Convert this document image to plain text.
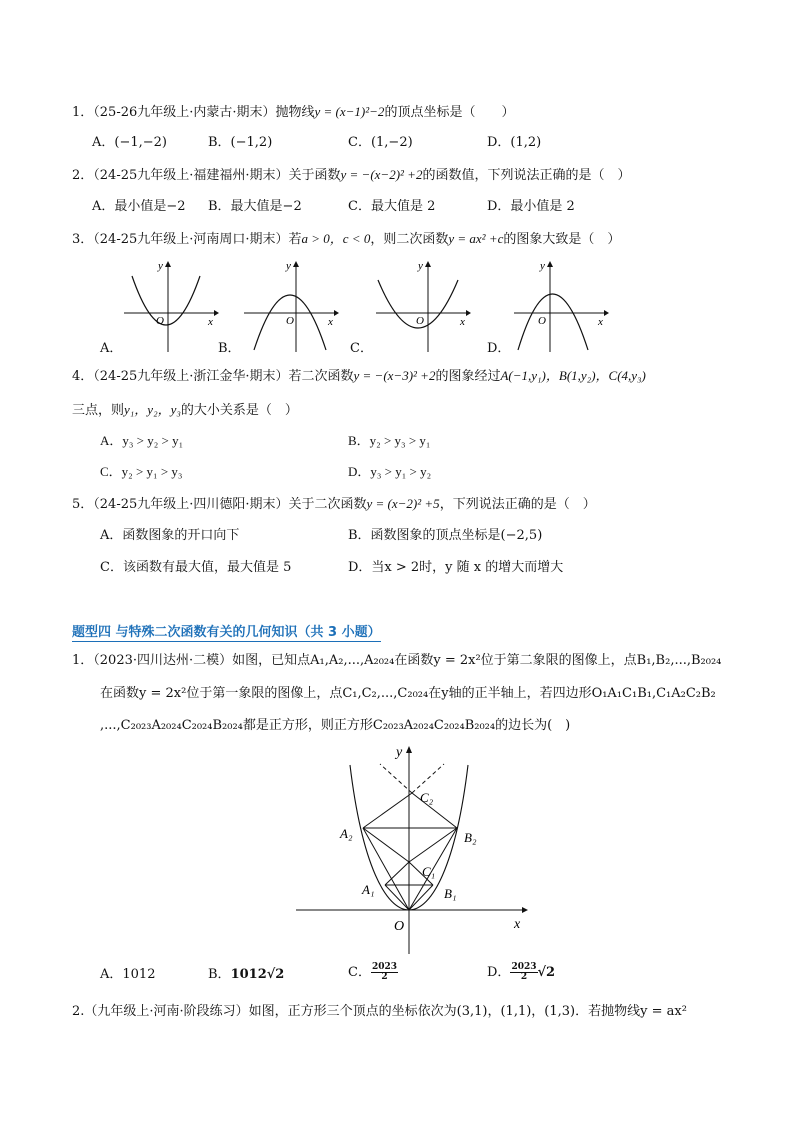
1．（25-26九年级上·内蒙古·期末）抛物线y = (x−1)²−2的顶点坐标是（　　）
A．(−1,−2)	B．(−1,2)	C．(1,−2)	D．(1,2)
2．（24-25九年级上·福建福州·期末）关于函数y = −(x−2)² +2的函数值，下列说法正确的是（　）
A．最小值是−2 B．最大值是−2	C．最大值是 2	D．最小值是 2
3．（24-25九年级上·河南周口·期末）若a > 0，c < 0，则二次函数y = ax² +c的图象大致是（　）
y
x
O
y
x
O
y
x
O
y
x
O
A．	B．	C．	D．
4．（24-25九年级上·浙江金华·期末）若二次函数y = −(x−3)² +2的图象经过A(−1,y₁)，B(1,y₂)，C(4,y₃)
三点，则y₁，y₂，y₃的大小关系是（　）
A．y₃ > y₂ > y₁	B．y₂ > y₃ > y₁
C．y₂ > y₁ > y₃	D．y₃ > y₁ > y₂
5．（24-25九年级上·四川德阳·期末）关于二次函数y = (x−2)² +5，下列说法正确的是（　）
A．函数图象的开口向下	B．函数图象的顶点坐标是(−2,5)
C．该函数有最大值，最大值是 5	D．当x > 2时，y 随 x 的增大而增大
题型四 与特殊二次函数有关的几何知识（共 3 小题）
1．（2023·四川达州·二模）如图，已知点A₁,A₂,...,A₂₀₂₄在函数y = 2x²位于第二象限的图像上，点B₁,B₂,...,B₂₀₂₄
在函数y = 2x²位于第一象限的图像上，点C₁,C₂,...,C₂₀₂₄在y轴的正半轴上，若四边形O₁A₁C₁B₁,C₁A₂C₂B₂
,...,C₂₀₂₃A₂₀₂₄C₂₀₂₄B₂₀₂₄都是正方形，则正方形C₂₀₂₃A₂₀₂₄C₂₀₂₄B₂₀₂₄的边长为(　)
y
x
O
C₂
A₂	B₂
C₁
A₁	B₁
A．1012	B．1012√2	C． $\frac{2023}{2}$	D． $\frac{2023}{2} √2$
2.（九年级上·河南·阶段练习）如图，正方形三个顶点的坐标依次为(3,1)，(1,1)，(1,3)．若抛物线y = ax²
